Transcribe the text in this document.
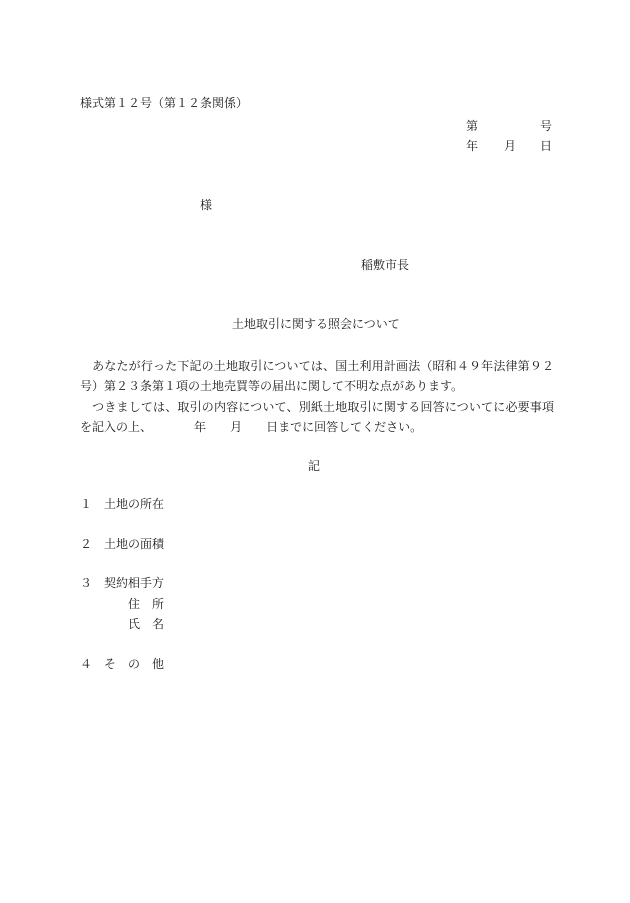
様式第１２号（第１２条関係）
第	号
年 月 日
様
稲敷市長
土地取引に関する照会について
　あなたが行った下記の土地取引については、国土利用計画法（昭和４９年法律第９２号）第２３条第１項の土地売買等の届出に関して不明な点があります。
　つきましては、取引の内容について、別紙土地取引に関する回答についてに必要事項を記入の上、　　　　	年　　 月　　 日までに回答してください。
記
１ 土地の所在
２ 土地の面積
３ 契約相手方
住　所
氏　名
４ そ　の　他
